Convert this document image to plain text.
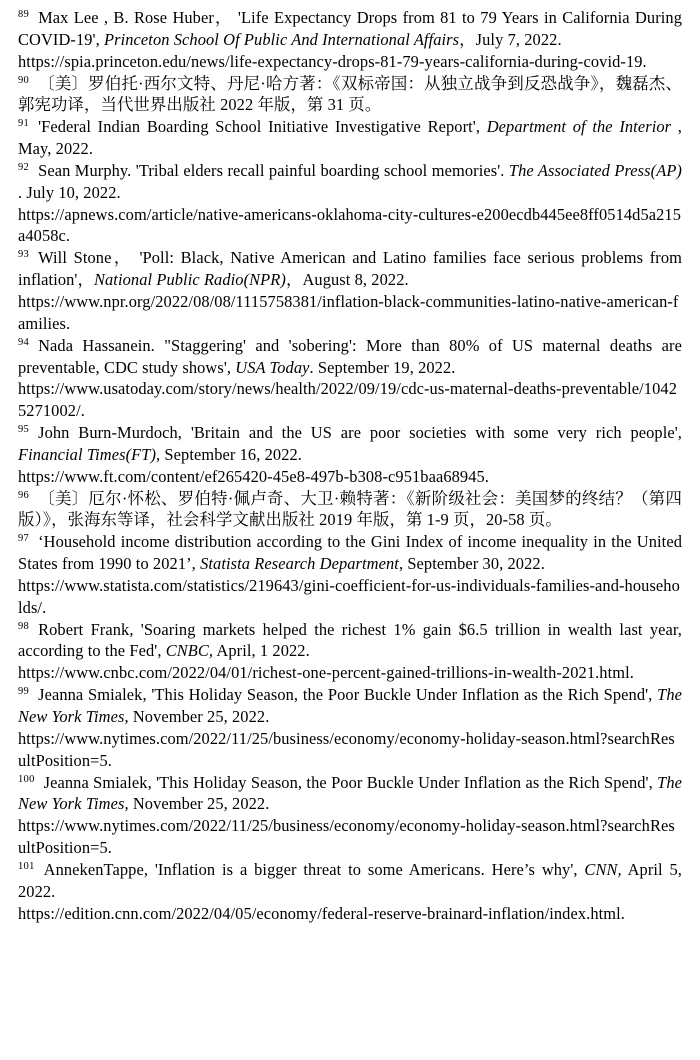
$^{89}$ Max Lee , B. Rose Huber， 'Life Expectancy Drops from 81 to 79 Years in California During COVID-19', Princeton School Of Public And International Affairs，July 7, 2022.
https://spia.princeton.edu/news/life-expectancy-drops-81-79-years-california-during-covid-19.

$^{90}$ 〔美〕罗伯托·西尔文特、丹尼·哈方著：《双标帝国：从独立战争到反恐战争》，魏磊杰、郭宪功译，当代世界出版社 2022 年版，第 31 页。

$^{91}$ 'Federal Indian Boarding School Initiative Investigative Report', Department of the Interior , May, 2022.

$^{92}$ Sean Murphy. 'Tribal elders recall painful boarding school memories'. The Associated Press(AP) . July 10, 2022.
https://apnews.com/article/native-americans-oklahoma-city-cultures-e200ecdb445ee8ff0514d5a215a4058c.

$^{93}$ Will Stone， 'Poll: Black, Native American and Latino families face serious problems from inflation'，National Public Radio(NPR)，August 8, 2022.
https://www.npr.org/2022/08/08/1115758381/inflation-black-communities-latino-native-american-families.

$^{94}$ Nada Hassanein. "Staggering' and 'sobering': More than 80% of US maternal deaths are preventable, CDC study shows', USA Today. September 19, 2022.
https://www.usatoday.com/story/news/health/2022/09/19/cdc-us-maternal-deaths-preventable/10425271002/.

$^{95}$ John Burn-Murdoch, 'Britain and the US are poor societies with some very rich people', Financial Times(FT), September 16, 2022.
https://www.ft.com/content/ef265420-45e8-497b-b308-c951baa68945.

$^{96}$ 〔美〕厄尔·怀松、罗伯特·佩卢奇、大卫·赖特著：《新阶级社会：美国梦的终结？（第四版）》，张海东等译，社会科学文献出版社 2019 年版，第 1-9 页，20-58 页。

$^{97}$ ‘Household income distribution according to the Gini Index of income inequality in the United States from 1990 to 2021’, Statista Research Department, September 30, 2022.
https://www.statista.com/statistics/219643/gini-coefficient-for-us-individuals-families-and-households/.

$^{98}$ Robert Frank, 'Soaring markets helped the richest 1% gain $6.5 trillion in wealth last year, according to the Fed', CNBC, April, 1 2022.
https://www.cnbc.com/2022/04/01/richest-one-percent-gained-trillions-in-wealth-2021.html.

$^{99}$ Jeanna Smialek, 'This Holiday Season, the Poor Buckle Under Inflation as the Rich Spend', The New York Times, November 25, 2022.
https://www.nytimes.com/2022/11/25/business/economy/economy-holiday-season.html?searchResultPosition=5.

$^{100}$ Jeanna Smialek, 'This Holiday Season, the Poor Buckle Under Inflation as the Rich Spend', The New York Times, November 25, 2022.
https://www.nytimes.com/2022/11/25/business/economy/economy-holiday-season.html?searchResultPosition=5.

$^{101}$ AnnekenTappe, 'Inflation is a bigger threat to some Americans. Here’s why', CNN, April 5, 2022.
https://edition.cnn.com/2022/04/05/economy/federal-reserve-brainard-inflation/index.html.
